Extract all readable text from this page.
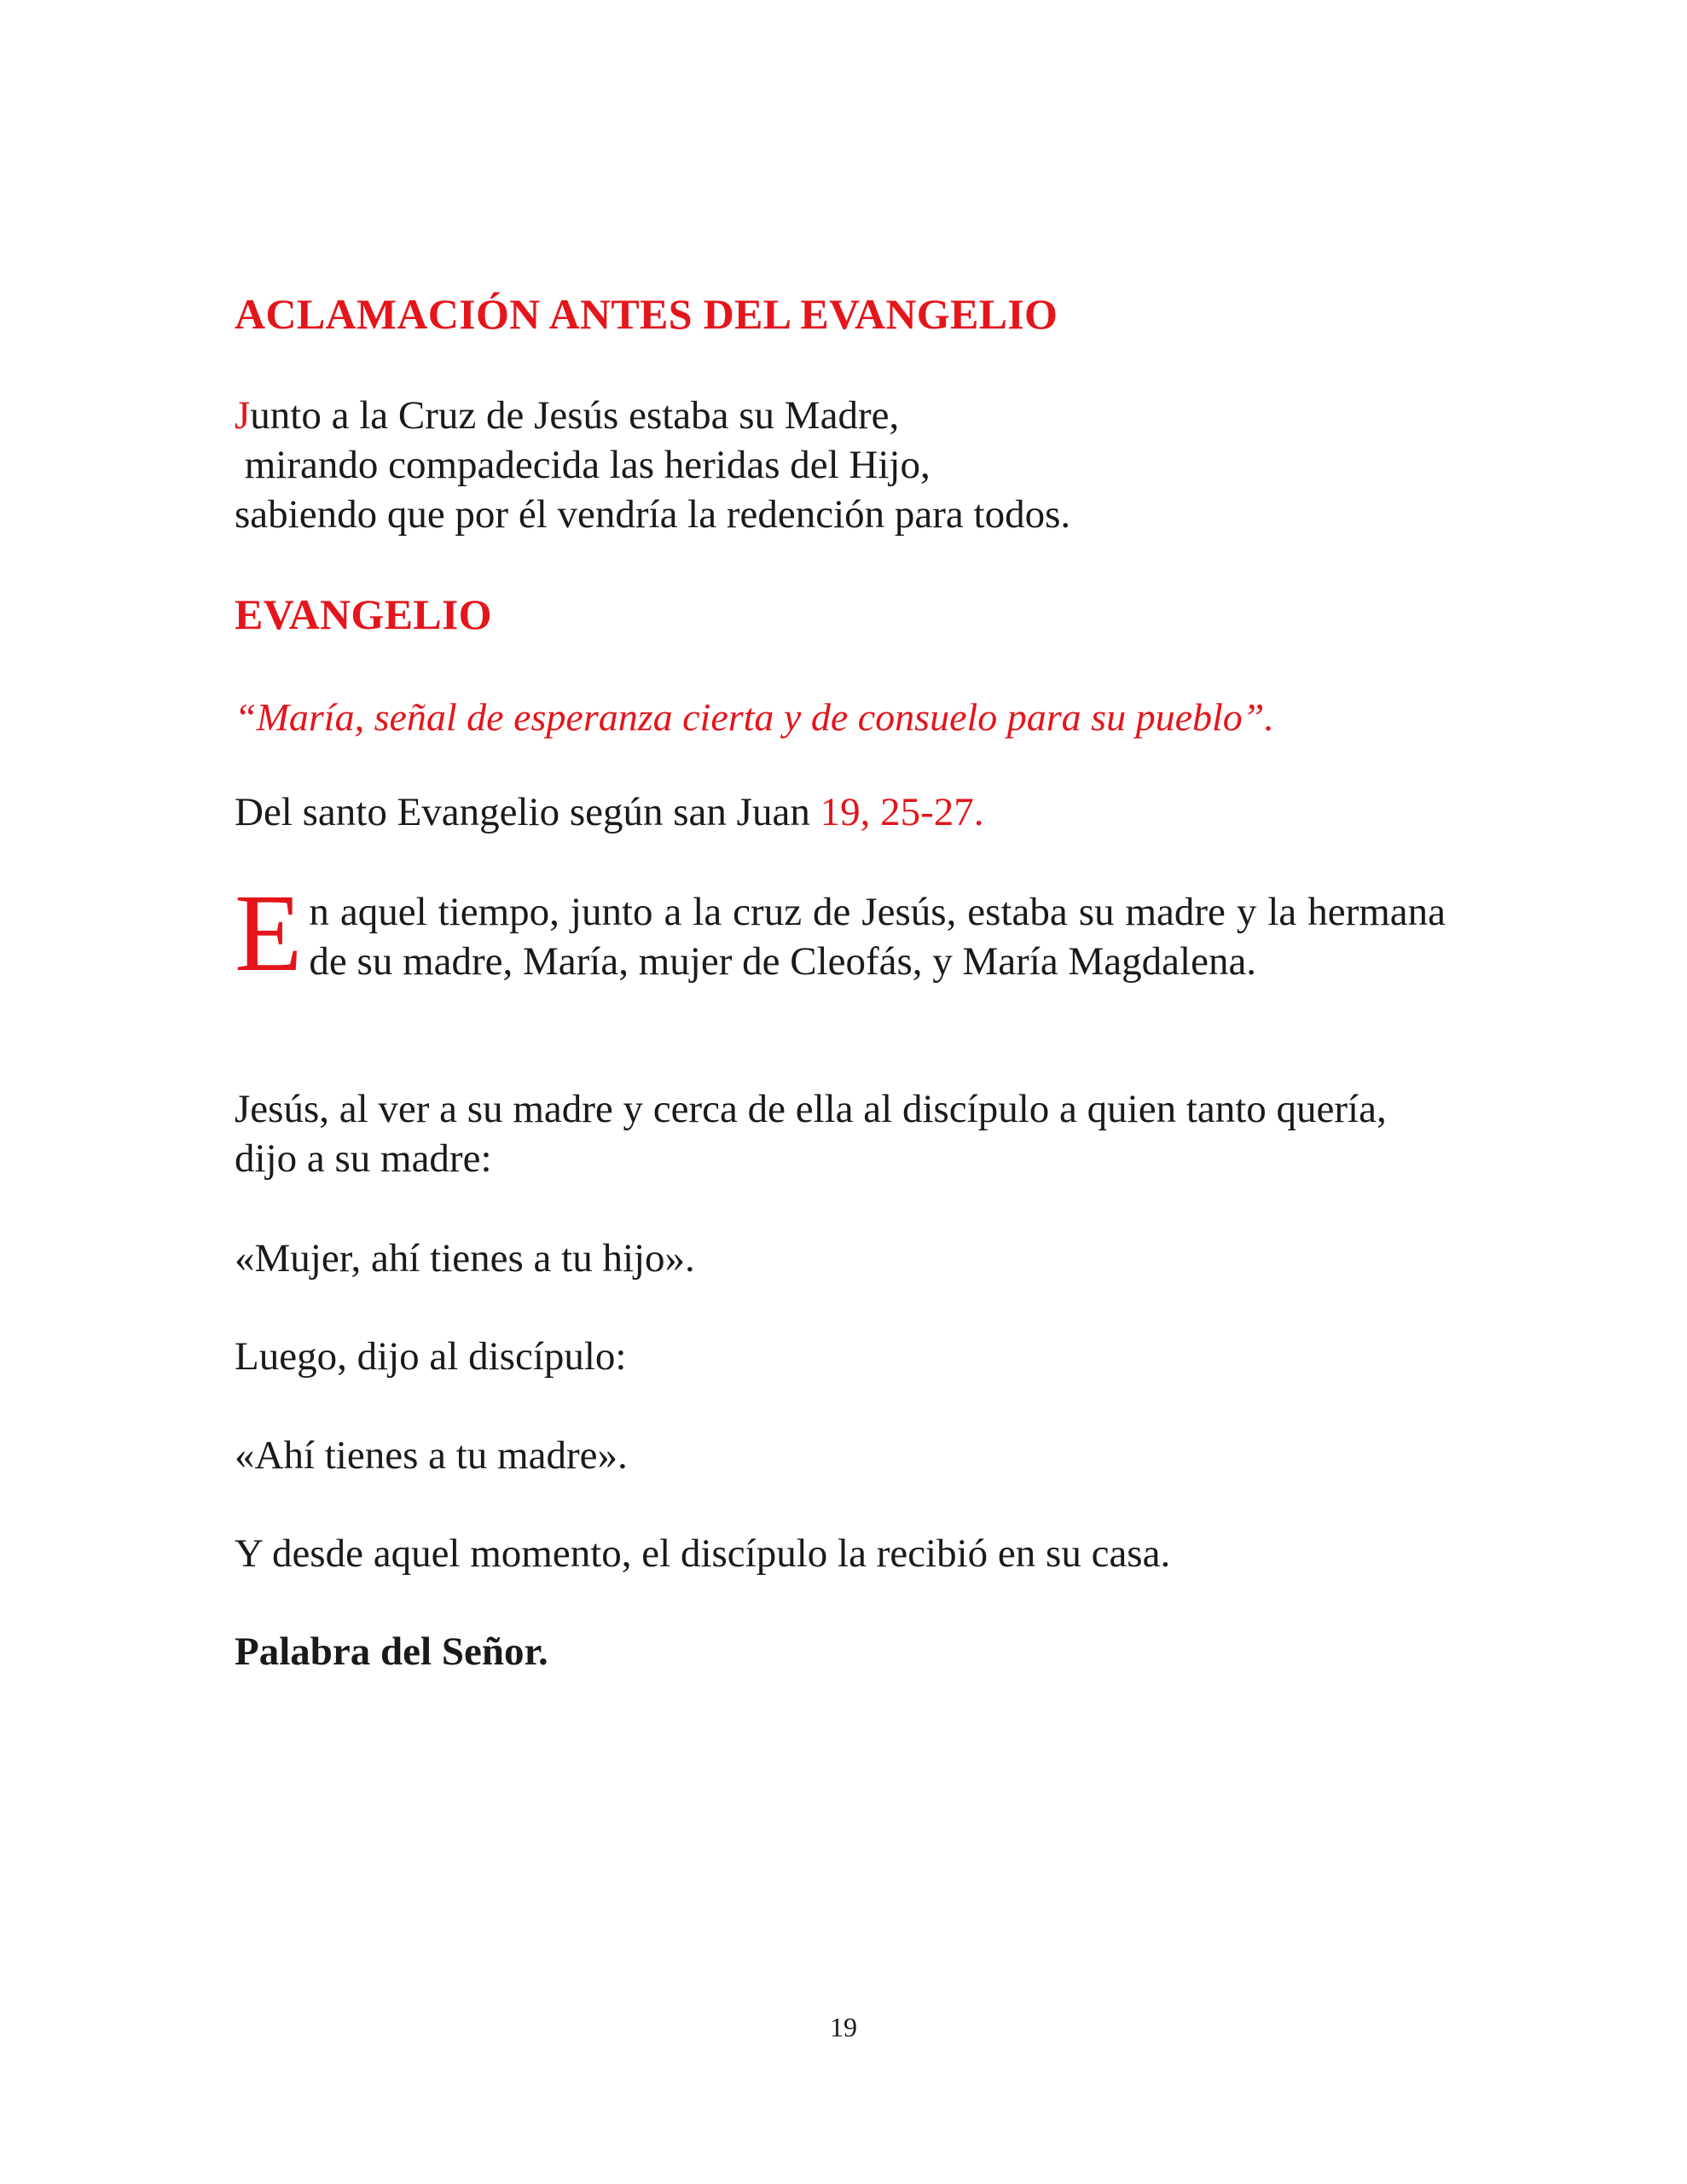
ACLAMACIÓN ANTES DEL EVANGELIO
Junto a la Cruz de Jesús estaba su Madre,
mirando compadecida las heridas del Hijo,
sabiendo que por él vendría la redención para todos.
EVANGELIO
“María, señal de esperanza cierta y de consuelo para su pueblo”.
Del santo Evangelio según san Juan 19, 25-27.
En aquel tiempo, junto a la cruz de Jesús, estaba su madre y la hermana de su madre, María, mujer de Cleofás, y María Magdalena.
Jesús, al ver a su madre y cerca de ella al discípulo a quien tanto quería, dijo a su madre:
«Mujer, ahí tienes a tu hijo».
Luego, dijo al discípulo:
«Ahí tienes a tu madre».
Y desde aquel momento, el discípulo la recibió en su casa.
Palabra del Señor.
19
